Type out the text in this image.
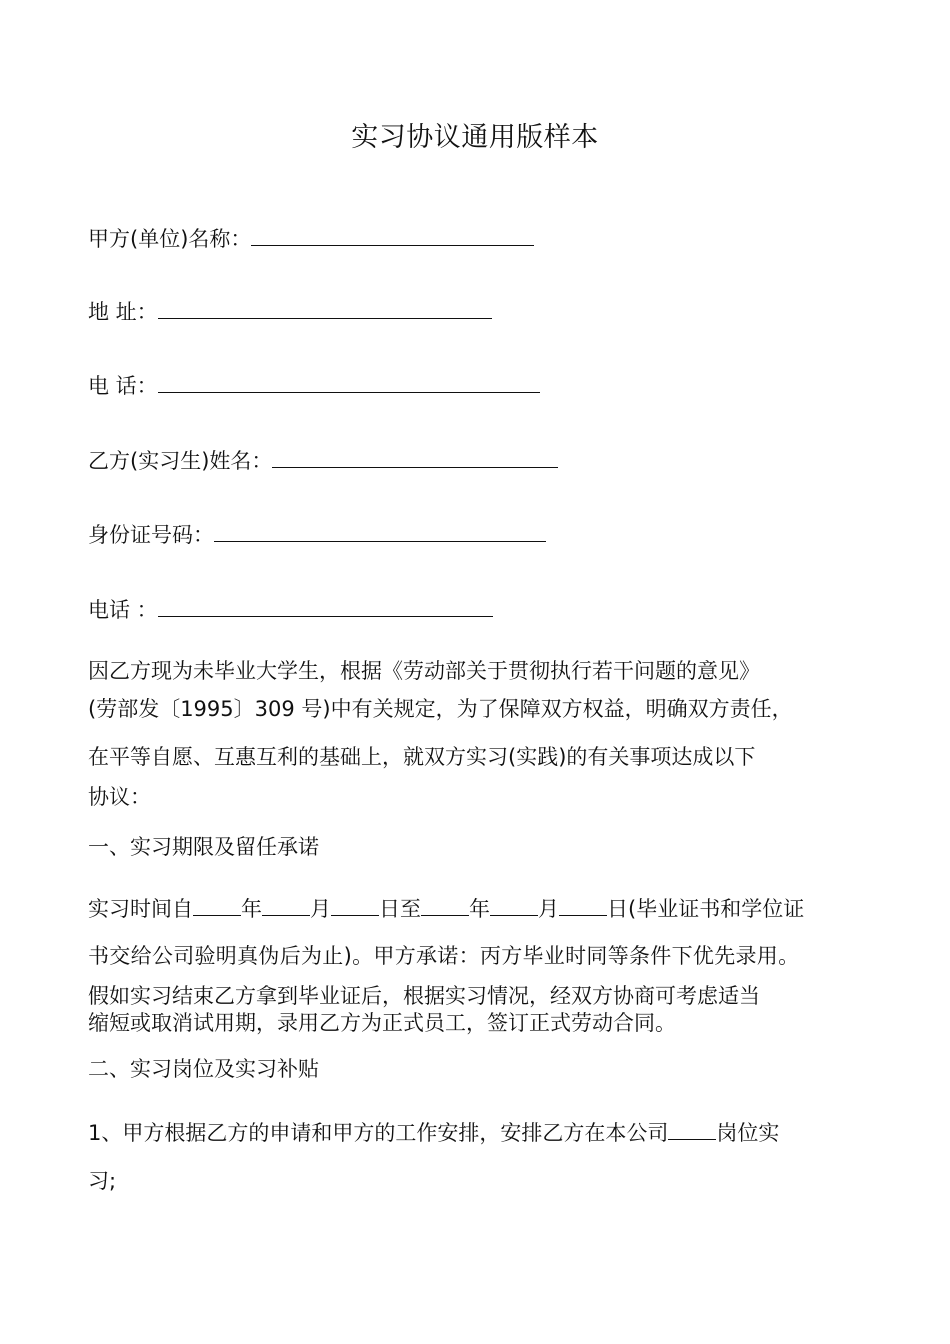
实习协议通用版样本
甲方(单位)名称：
地 址：
电 话：
乙方(实习生)姓名：
身份证号码：
电话 ：
因乙方现为未毕业大学生，根据《劳动部关于贯彻执行若干问题的意见》
(劳部发〔1995〕309 号)中有关规定，为了保障双方权益，明确双方责任，
在平等自愿、互惠互利的基础上，就双方实习(实践)的有关事项达成以下
协议：
一、实习期限及留任承诺
实习时间自 年 月 日至 年 月 日(毕业证书和学位证
书交给公司验明真伪后为止)。甲方承诺：丙方毕业时同等条件下优先录用。
假如实习结束乙方拿到毕业证后，根据实习情况，经双方协商可考虑适当
缩短或取消试用期，录用乙方为正式员工，签订正式劳动合同。
二、实习岗位及实习补贴
1、甲方根据乙方的申请和甲方的工作安排，安排乙方在本公司 岗位实
习;
